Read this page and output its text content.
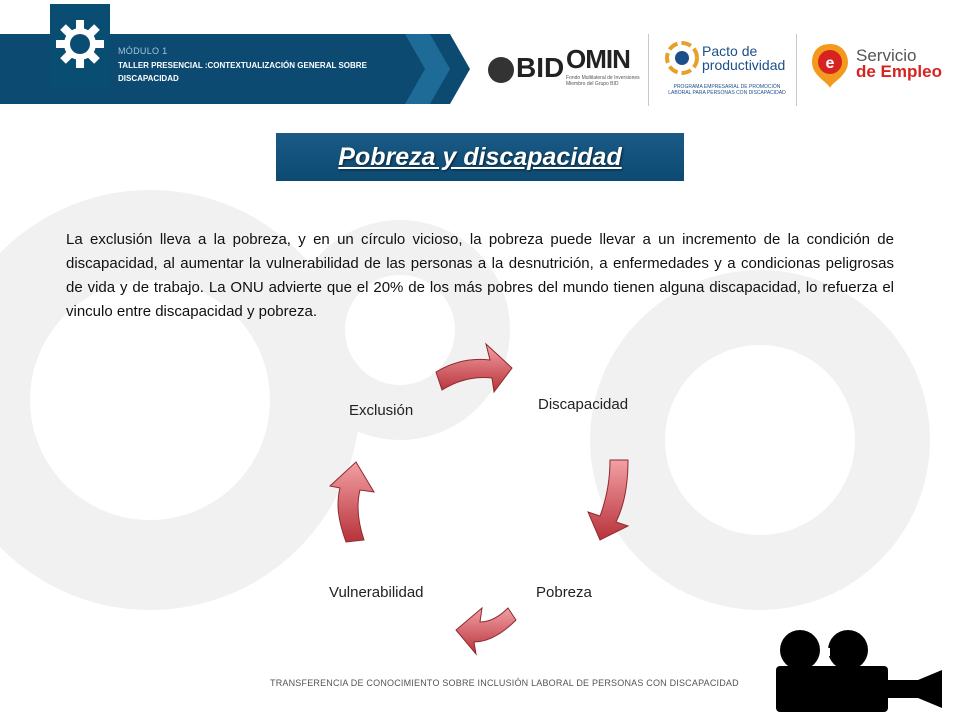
MÓDULO 1
TALLER PRESENCIAL :CONTEXTUALIZACIÓN GENERAL SOBRE DISCAPACIDAD	BID OMIN
Fondo Multilateral de Inversiones Miembro del Grupo BID
Pacto de productividad
PROGRAMA EMPRESARIAL DE PROMOCIÓN LABORAL PARA PERSONAS CON DISCAPACIDAD
e Servicio
de Empleo
Pobreza y discapacidad
La exclusión lleva a la pobreza, y en un círculo vicioso, la pobreza puede llevar a un incremento de la condición de discapacidad, al aumentar la vulnerabilidad de las personas a la desnutrición, a enfermedades y a condicionas peligrosas de vida y de trabajo. La ONU advierte que el 20% de los más pobres del mundo tienen alguna discapacidad, lo refuerza el vinculo entre discapacidad y pobreza.
Exclusión	Discapacidad
Pobreza
Vulnerabilidad
TRANSFERENCIA DE CONOCIMIENTO SOBRE INCLUSIÓN LABORAL DE PERSONAS CON DISCAPACIDAD
